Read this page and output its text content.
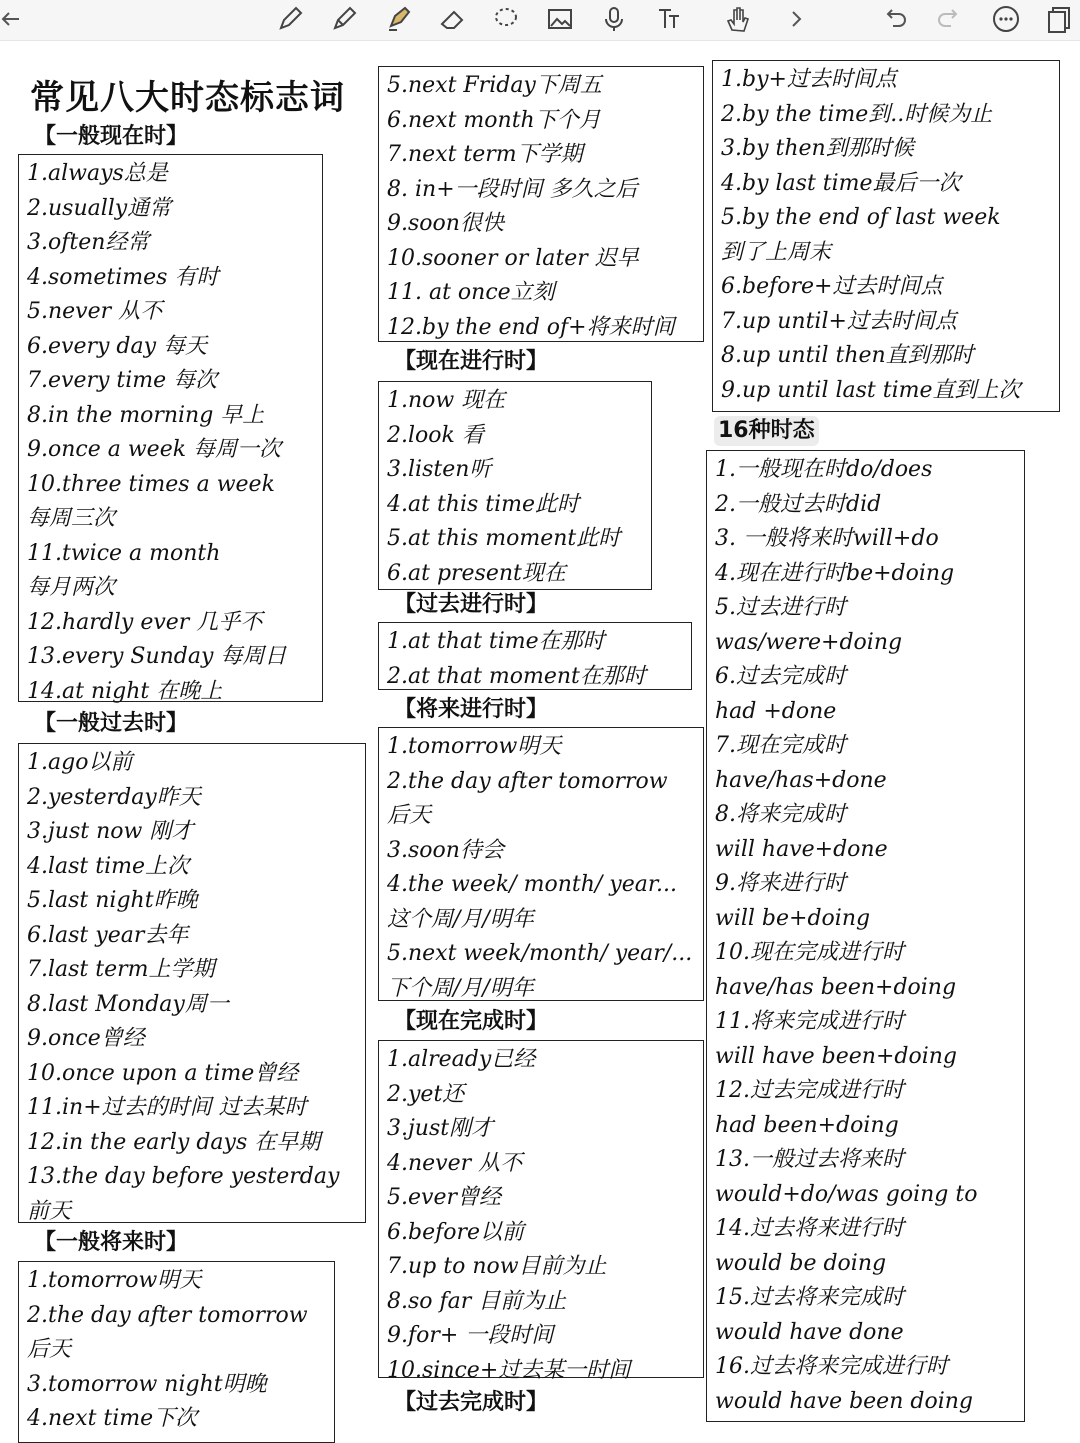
常见八大时态标志词
【一般现在时】
1.always总是
2.usually通常
3.often经常
4.sometimes 有时
5.never 从不
6.every day 每天
7.every time 每次
8.in the morning 早上
9.once a week 每周一次
10.three times a week
每周三次
11.twice a month
每月两次
12.hardly ever 几乎不
13.every Sunday 每周日
14.at night 在晚上
【一般过去时】
1.ago以前
2.yesterday昨天
3.just now 刚才
4.last time上次
5.last night昨晚
6.last year去年
7.last term上学期
8.last Monday周一
9.once曾经
10.once upon a time曾经
11.in+过去的时间 过去某时
12.in the early days 在早期
13.the day before yesterday
前天
【一般将来时】
1.tomorrow明天
2.the day after tomorrow
后天
3.tomorrow night明晚
4.next time下次
5.next Friday下周五
6.next month下个月
7.next term下学期
8. in+一段时间 多久之后
9.soon很快
10.sooner or later 迟早
11. at once立刻
12.by the end of+将来时间
【现在进行时】
1.now 现在
2.look 看
3.listen听
4.at this time此时
5.at this moment此时
6.at present现在
【过去进行时】
1.at that time在那时
2.at that moment在那时
【将来进行时】
1.tomorrow明天
2.the day after tomorrow
后天
3.soon待会
4.the week/ month/ year...
这个周/月/明年
5.next week/month/ year/...
下个周/月/明年
【现在完成时】
1.already已经
2.yet还
3.just刚才
4.never 从不
5.ever曾经
6.before以前
7.up to now目前为止
8.so far 目前为止
9.for+ 一段时间
10.since+过去某一时间
【过去完成时】
1.by+过去时间点
2.by the time到..时候为止
3.by then到那时候
4.by last time最后一次
5.by the end of last week
到了上周末
6.before+过去时间点
7.up until+过去时间点
8.up until then直到那时
9.up until last time直到上次
16种时态
1.一般现在时do/does
2.一般过去时did
3. 一般将来时will+do
4.现在进行时be+doing
5.过去进行时
was/were+doing
6.过去完成时
had +done
7.现在完成时
have/has+done
8.将来完成时
will have+done
9.将来进行时
will be+doing
10.现在完成进行时
have/has been+doing
11.将来完成进行时
will have been+doing
12.过去完成进行时
had been+doing
13.一般过去将来时
would+do/was going to
14.过去将来进行时
would be doing
15.过去将来完成时
would have done
16.过去将来完成进行时
would have been doing
